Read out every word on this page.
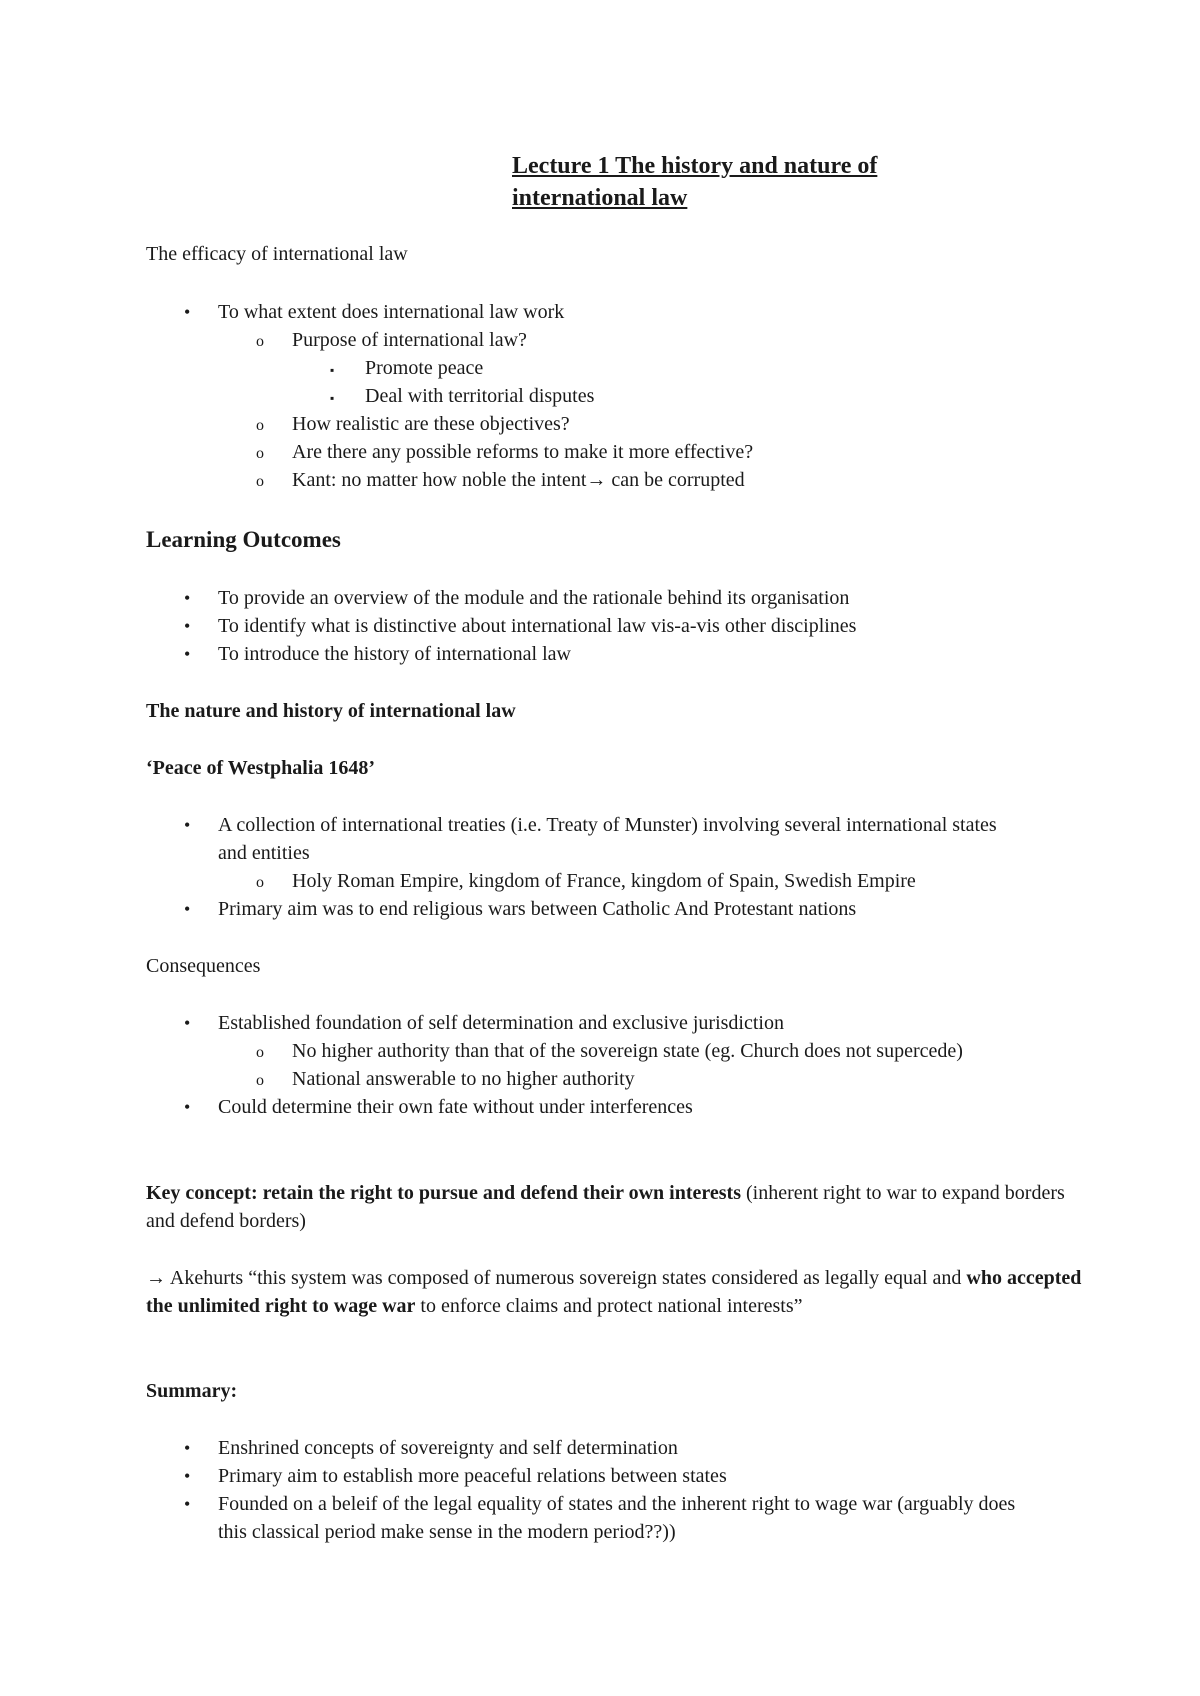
Lecture 1 The history and nature of
international law
The efficacy of international law
• To what extent does international law work
o Purpose of international law?
▪ Promote peace
▪ Deal with territorial disputes
o How realistic are these objectives?
o Are there any possible reforms to make it more effective?
o Kant: no matter how noble the intent→ can be corrupted
Learning Outcomes
• To provide an overview of the module and the rationale behind its organisation
• To identify what is distinctive about international law vis-a-vis other disciplines
• To introduce the history of international law
The nature and history of international law
‘Peace of Westphalia 1648’
• A collection of international treaties (i.e. Treaty of Munster) involving several international states and entities
o Holy Roman Empire, kingdom of France, kingdom of Spain, Swedish Empire
• Primary aim was to end religious wars between Catholic And Protestant nations
Consequences
• Established foundation of self determination and exclusive jurisdiction
o No higher authority than that of the sovereign state (eg. Church does not supercede)
o National answerable to no higher authority
• Could determine their own fate without under interferences
Key concept: retain the right to pursue and defend their own interests (inherent right to war to expand borders and defend borders)
→ Akehurts “this system was composed of numerous sovereign states considered as legally equal and who accepted the unlimited right to wage war to enforce claims and protect national interests”
Summary:
• Enshrined concepts of sovereignty and self determination
• Primary aim to establish more peaceful relations between states
• Founded on a beleif of the legal equality of states and the inherent right to wage war (arguably does this classical period make sense in the modern period??))
